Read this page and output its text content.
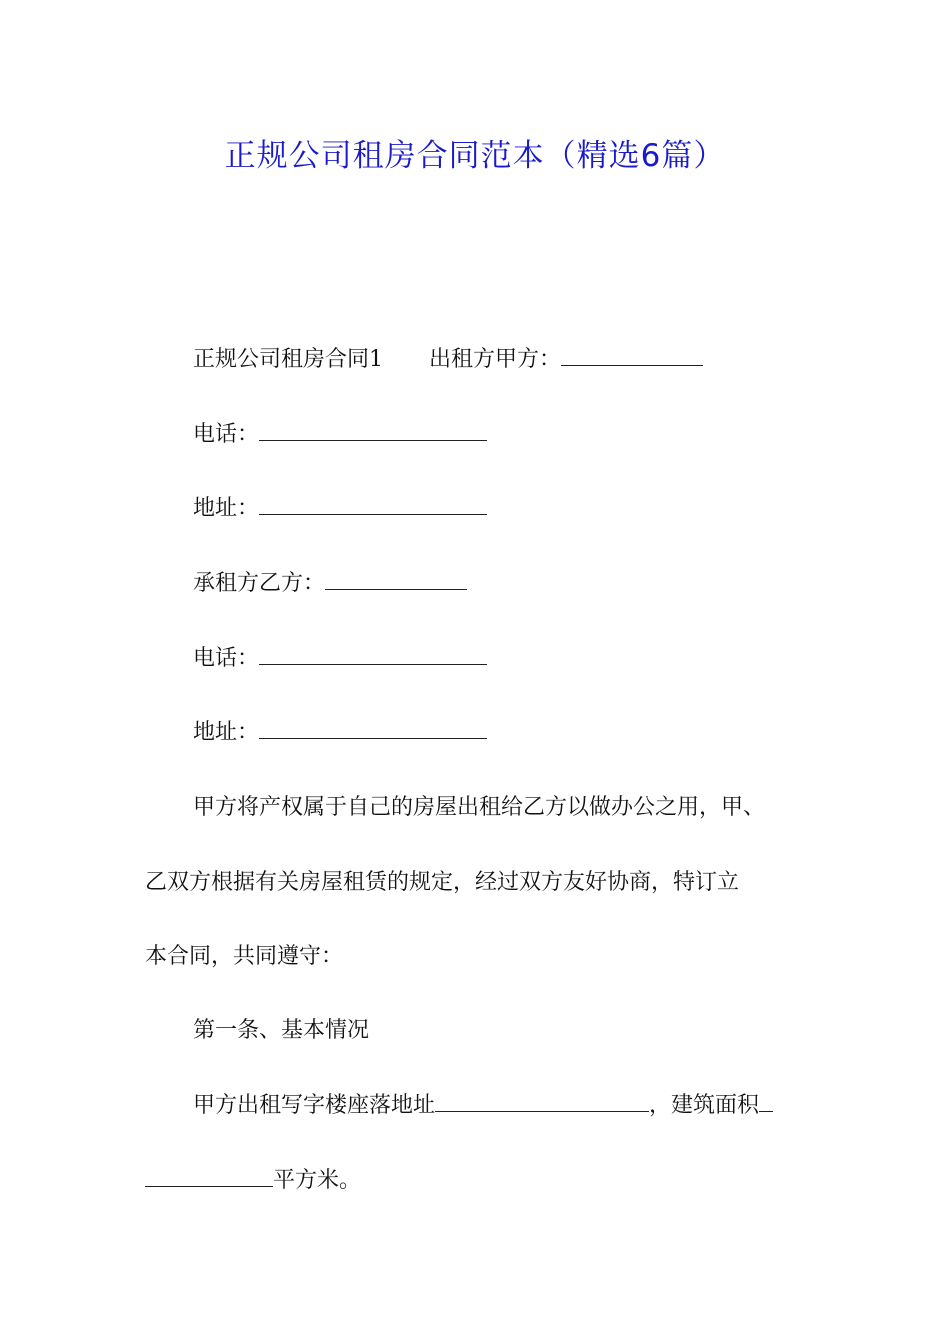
正规公司租房合同范本（精选6篇）
正规公司租房合同1 出租方甲方：
电话：
地址：
承租方乙方：
电话：
地址：
甲方将产权属于自己的房屋出租给乙方以做办公之用，甲、
乙双方根据有关房屋租赁的规定，经过双方友好协商，特订立
本合同，共同遵守：
第一条、基本情况
甲方出租写字楼座落地址	，建筑面积
平方米。
